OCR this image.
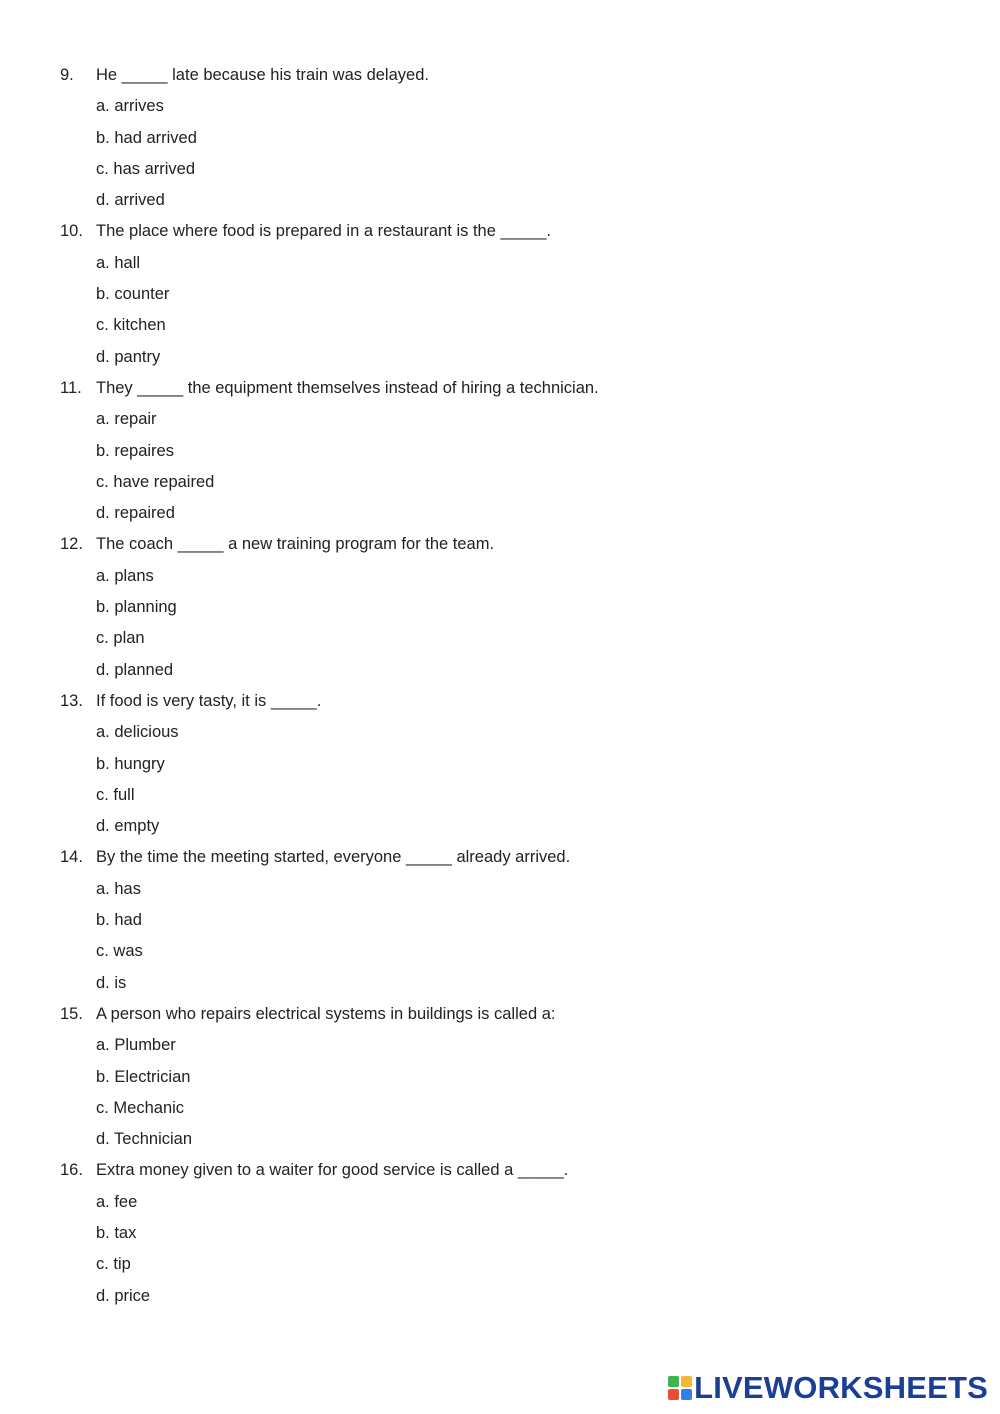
9. He _____ late because his train was delayed.
a. arrives
b. had arrived
c. has arrived
d. arrived
10. The place where food is prepared in a restaurant is the _____.
a. hall
b. counter
c. kitchen
d. pantry
11. They _____ the equipment themselves instead of hiring a technician.
a. repair
b. repaires
c. have repaired
d. repaired
12. The coach _____ a new training program for the team.
a. plans
b. planning
c. plan
d. planned
13. If food is very tasty, it is _____.
a. delicious
b. hungry
c. full
d. empty
14. By the time the meeting started, everyone _____ already arrived.
a. has
b. had
c. was
d. is
15. A person who repairs electrical systems in buildings is called a:
a. Plumber
b. Electrician
c. Mechanic
d. Technician
16. Extra money given to a waiter for good service is called a _____.
a. fee
b. tax
c. tip
d. price
LIVEWORKSHEETS
